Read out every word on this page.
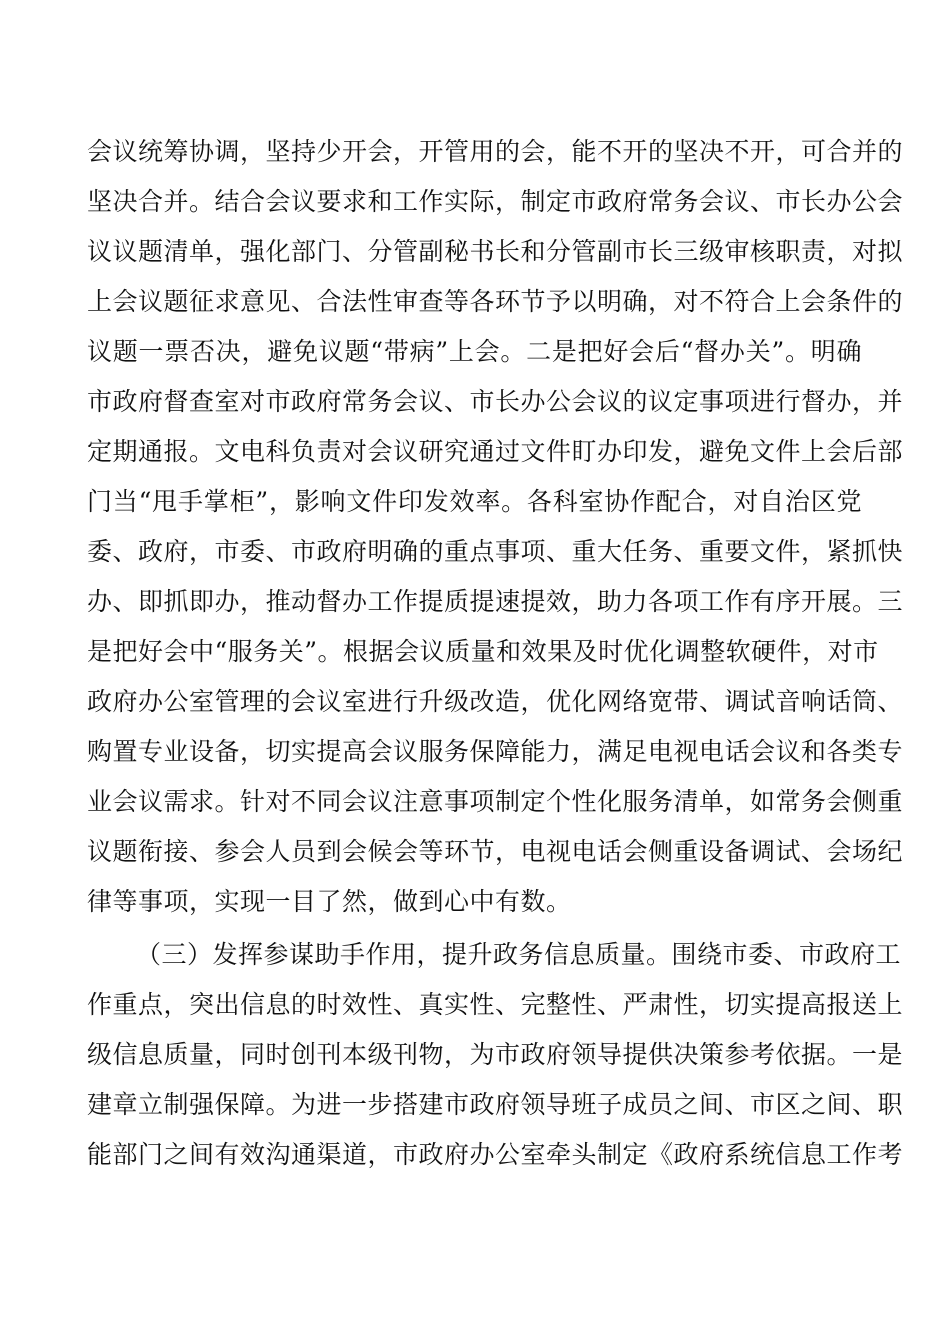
会议统筹协调，坚持少开会，开管用的会，能不开的坚决不开，可合并的
坚决合并。结合会议要求和工作实际，制定市政府常务会议、市长办公会
议议题清单，强化部门、分管副秘书长和分管副市长三级审核职责，对拟
上会议题征求意见、合法性审查等各环节予以明确，对不符合上会条件的
议题一票否决，避免议题“带病”上会。二是把好会后“督办关”。明确
市政府督查室对市政府常务会议、市长办公会议的议定事项进行督办，并
定期通报。文电科负责对会议研究通过文件盯办印发，避免文件上会后部
门当“甩手掌柜”，影响文件印发效率。各科室协作配合，对自治区党
委、政府，市委、市政府明确的重点事项、重大任务、重要文件，紧抓快
办、即抓即办，推动督办工作提质提速提效，助力各项工作有序开展。三
是把好会中“服务关”。根据会议质量和效果及时优化调整软硬件，对市
政府办公室管理的会议室进行升级改造，优化网络宽带、调试音响话筒、
购置专业设备，切实提高会议服务保障能力，满足电视电话会议和各类专
业会议需求。针对不同会议注意事项制定个性化服务清单，如常务会侧重
议题衔接、参会人员到会候会等环节，电视电话会侧重设备调试、会场纪
律等事项，实现一目了然，做到心中有数。
（三）发挥参谋助手作用，提升政务信息质量。围绕市委、市政府工
作重点，突出信息的时效性、真实性、完整性、严肃性，切实提高报送上
级信息质量，同时创刊本级刊物，为市政府领导提供决策参考依据。一是
建章立制强保障。为进一步搭建市政府领导班子成员之间、市区之间、职
能部门之间有效沟通渠道，市政府办公室牵头制定《政府系统信息工作考
